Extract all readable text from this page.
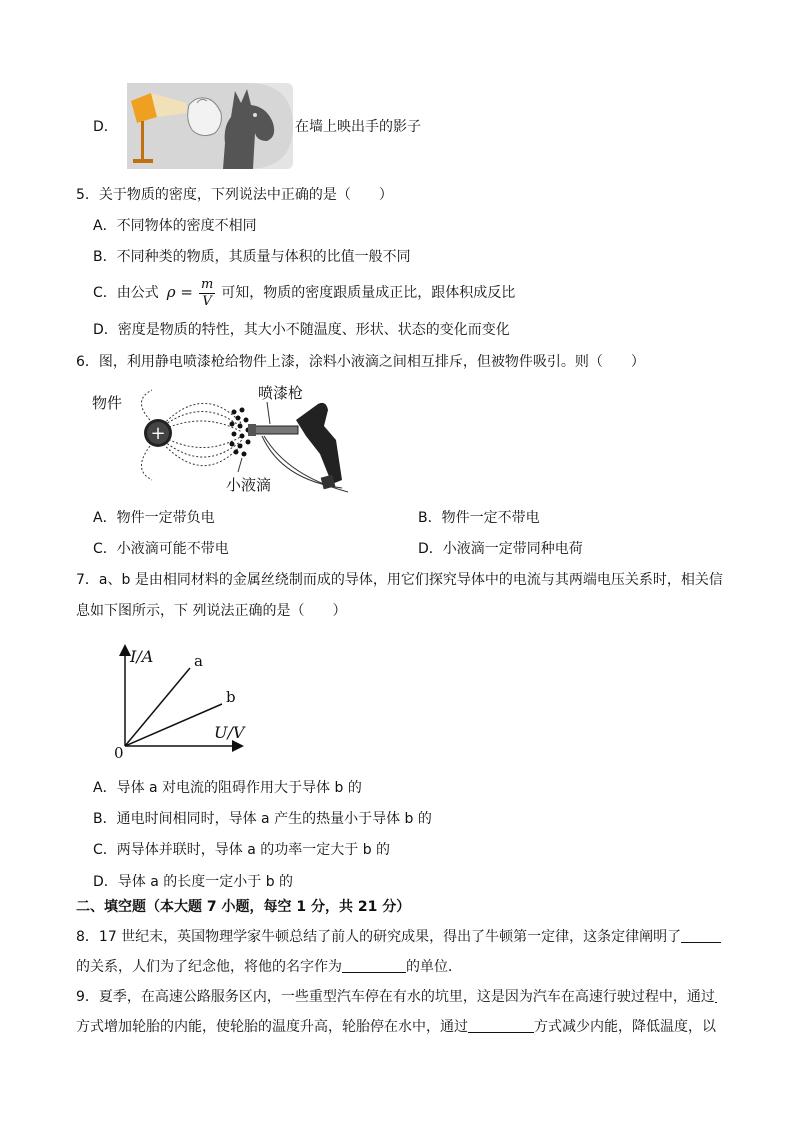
D．	在墙上映出手的影子
5．关于物质的密度，下列说法中正确的是（　　）
A．不同物体的密度不相同
B．不同种类的物质，其质量与体积的比值一般不同
C．由公式 $\rho = \frac{m}{V}$ 可知，物质的密度跟质量成正比，跟体积成反比
D．密度是物质的特性，其大小不随温度、形状、状态的变化而变化
6．图，利用静电喷漆枪给物件上漆，涂料小液滴之间相互排斥，但被物件吸引。则（　　）
+
物件
喷漆枪
小液滴
A．物件一定带负电	B．物件一定不带电
C．小液滴可能不带电	D．小液滴一定带同种电荷
7．a、b 是由相同材料的金属丝绕制而成的导体，用它们探究导体中的电流与其两端电压关系时，相关信
息如下图所示，下 列说法正确的是（　　）
I/A
U/V
0
a
b
A．导体 a 对电流的阻碍作用大于导体 b 的
B．通电时间相同时，导体 a 产生的热量小于导体 b 的
C．两导体并联时，导体 a 的功率一定大于 b 的
D．导体 a 的长度一定小于 b 的
二、填空题（本大题 7 小题，每空 1 分，共 21 分）
8．17 世纪末，英国物理学家牛顿总结了前人的研究成果，得出了牛顿第一定律，这条定律阐明了
的关系，人们为了纪念他，将他的名字作为	的单位．
9．夏季，在高速公路服务区内，一些重型汽车停在有水的坑里，这是因为汽车在高速行驶过程中，通过
方式增加轮胎的内能，使轮胎的温度升高，轮胎停在水中，通过	方式减少内能，降低温度，以
